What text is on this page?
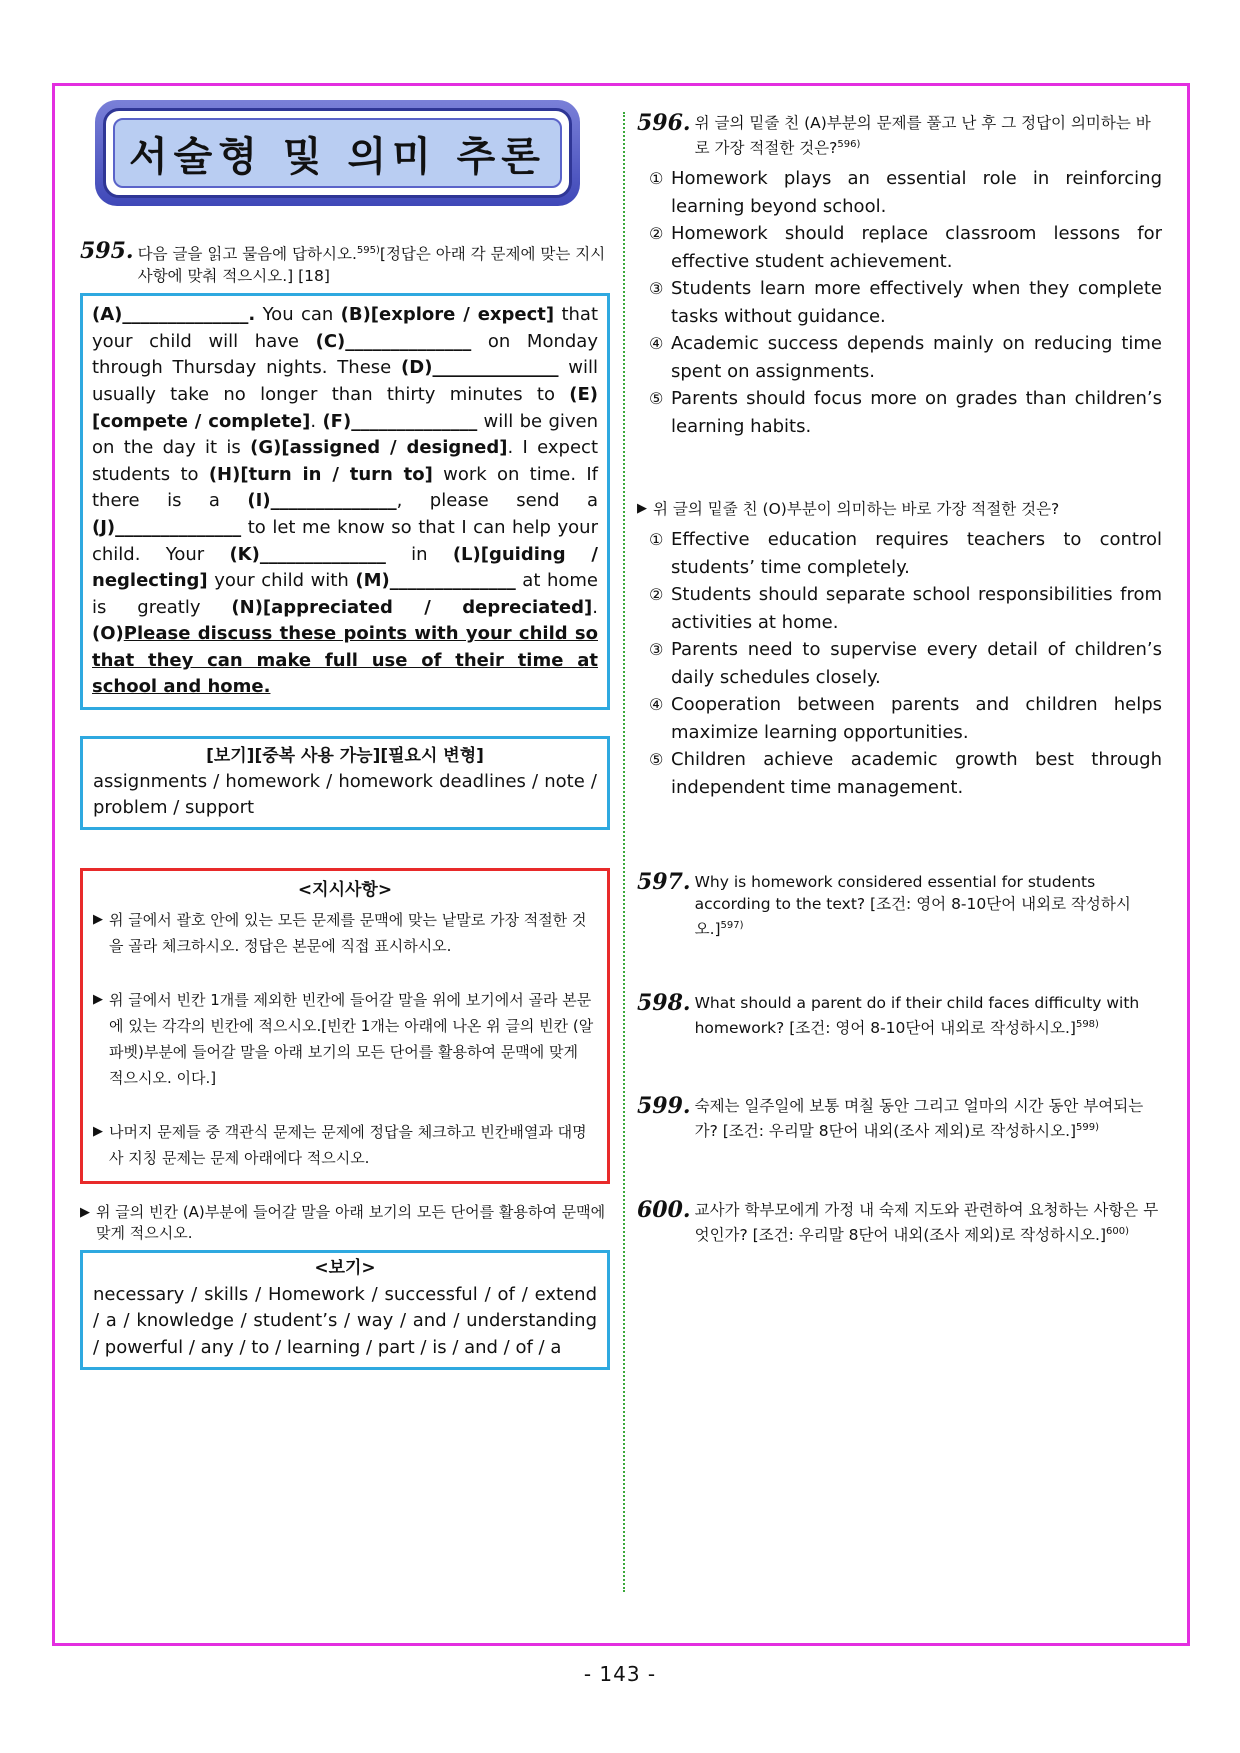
서술형 및 의미 추론
595. 다음 글을 읽고 물음에 답하시오.$^{595)}$[정답은 아래 각 문제에 맞는 지시사항에 맞춰 적으시오.] [18]
(A)______________. You can (B)[explore / expect] that your child will have (C)______________ on Monday through Thursday nights. These (D)______________ will usually take no longer than thirty minutes to (E)[compete / complete]. (F)______________ will be given on the day it is (G)[assigned / designed]. I expect students to (H)[turn in / turn to] work on time. If there is a (I)______________, please send a (J)______________ to let me know so that I can help your child. Your (K)______________ in (L)[guiding / neglecting] your child with (M)______________ at home is greatly (N)[appreciated / depreciated]. (O)Please discuss these points with your child so that they can make full use of their time at school and home.
[보기][중복 사용 가능][필요시 변형]
assignments / homework / homework deadlines / note / problem / support
<지시사항>
▶ 위 글에서 괄호 안에 있는 모든 문제를 문맥에 맞는 낱말로 가장 적절한 것을 골라 체크하시오. 정답은 본문에 직접 표시하시오.
▶ 위 글에서 빈칸 1개를 제외한 빈칸에 들어갈 말을 위에 보기에서 골라 본문에 있는 각각의 빈칸에 적으시오.[빈칸 1개는 아래에 나온 위 글의 빈칸 (알파벳)부분에 들어갈 말을 아래 보기의 모든 단어를 활용하여 문맥에 맞게 적으시오. 이다.]
▶ 나머지 문제들 중 객관식 문제는 문제에 정답을 체크하고 빈칸배열과 대명사 지칭 문제는 문제 아래에다 적으시오.
▶ 위 글의 빈칸 (A)부분에 들어갈 말을 아래 보기의 모든 단어를 활용하여 문맥에 맞게 적으시오.
<보기>
necessary / skills / Homework / successful / of / extend / a / knowledge / student’s / way / and / understanding / powerful / any / to / learning / part / is / and / of / a
596. 위 글의 밑줄 친 (A)부분의 문제를 풀고 난 후 그 정답이 의미하는 바로 가장 적절한 것은?$^{596)}$
① Homework plays an essential role in reinforcing learning beyond school.
② Homework should replace classroom lessons for effective student achievement.
③ Students learn more effectively when they complete tasks without guidance.
④ Academic success depends mainly on reducing time spent on assignments.
⑤ Parents should focus more on grades than children’s learning habits.
▶ 위 글의 밑줄 친 (O)부분이 의미하는 바로 가장 적절한 것은?
① Effective education requires teachers to control students’ time completely.
② Students should separate school responsibilities from activities at home.
③ Parents need to supervise every detail of children’s daily schedules closely.
④ Cooperation between parents and children helps maximize learning opportunities.
⑤ Children achieve academic growth best through independent time management.
597. Why is homework considered essential for students according to the text? [조건: 영어 8-10단어 내외로 작성하시오.]$^{597)}$
598. What should a parent do if their child faces difficulty with homework? [조건: 영어 8-10단어 내외로 작성하시오.]$^{598)}$
599. 숙제는 일주일에 보통 며칠 동안 그리고 얼마의 시간 동안 부여되는가? [조건: 우리말 8단어 내외(조사 제외)로 작성하시오.]$^{599)}$
600. 교사가 학부모에게 가정 내 숙제 지도와 관련하여 요청하는 사항은 무엇인가? [조건: 우리말 8단어 내외(조사 제외)로 작성하시오.]$^{600)}$
- 143 -
